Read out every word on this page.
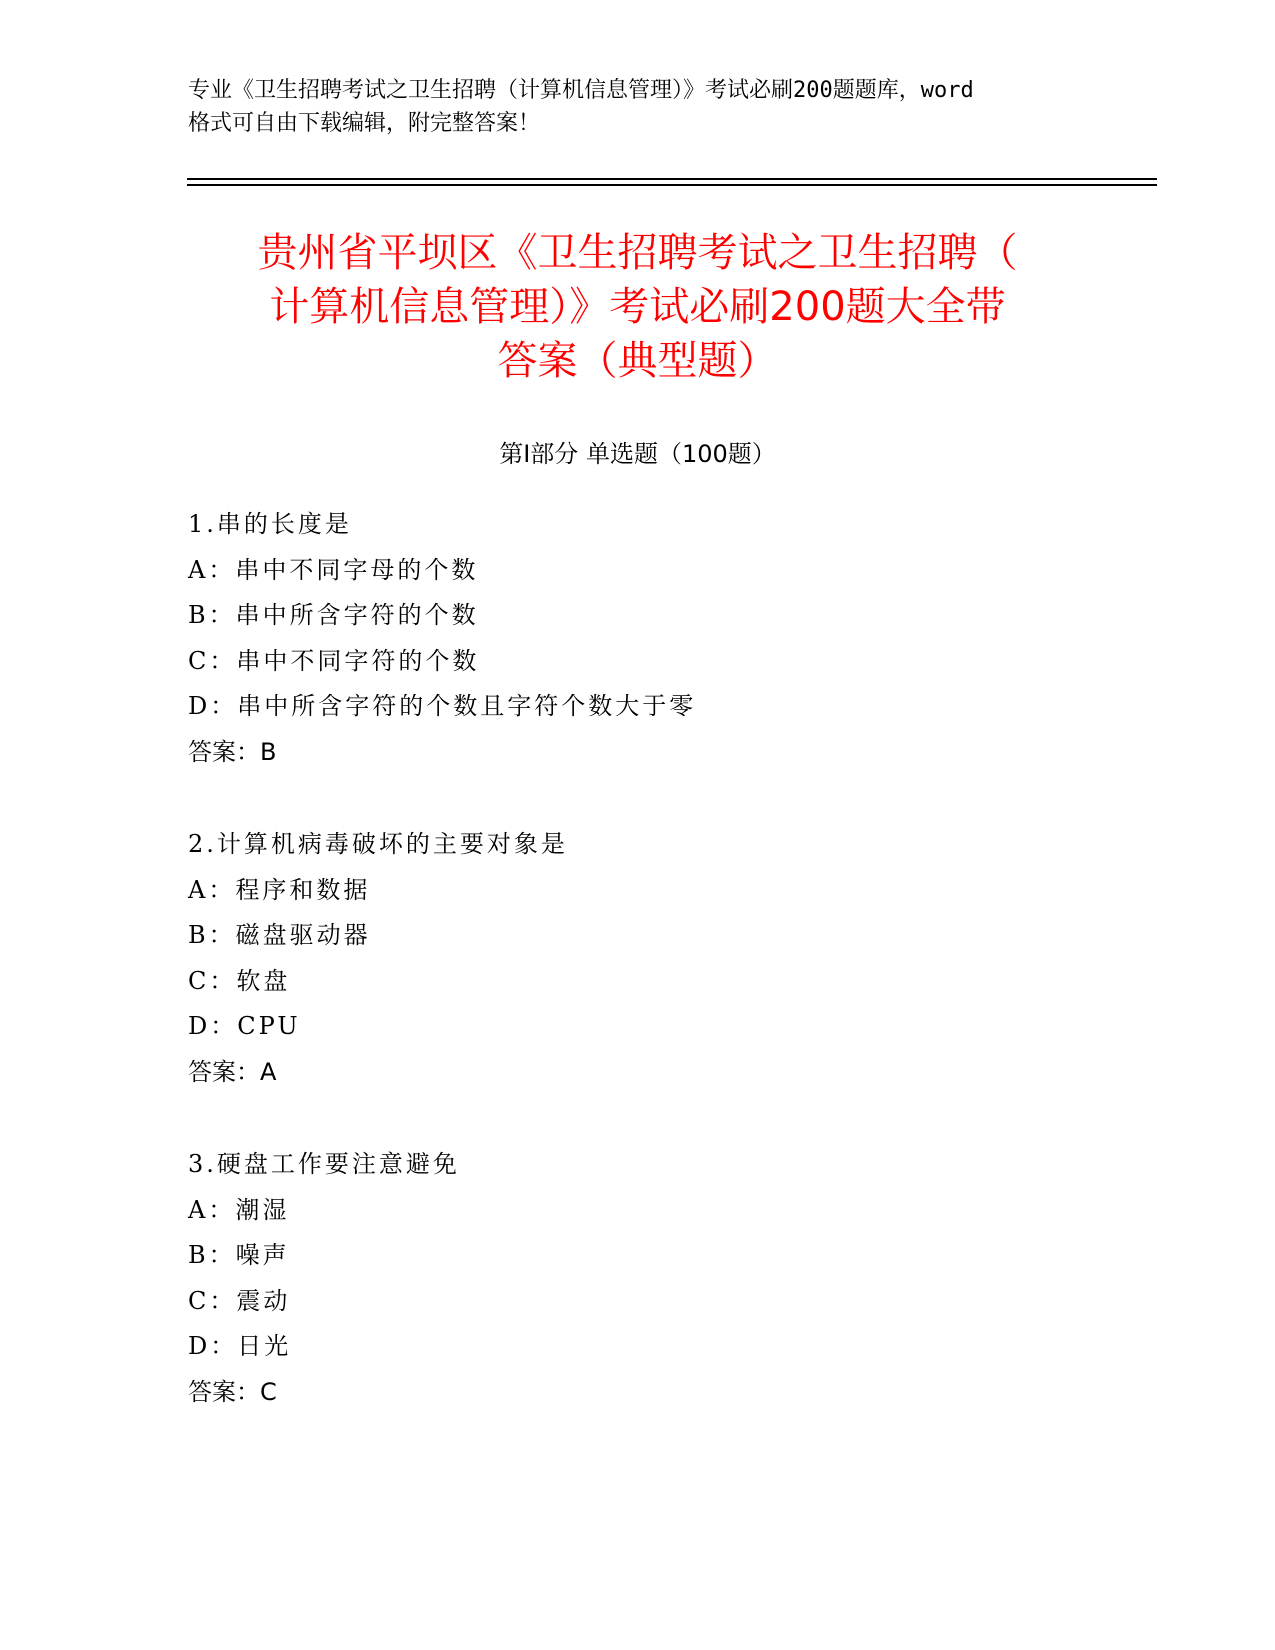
专业《卫生招聘考试之卫生招聘（计算机信息管理）》考试必刷200题题库，word
格式可自由下载编辑，附完整答案！
贵州省平坝区《卫生招聘考试之卫生招聘（
计算机信息管理）》考试必刷200题大全带
答案（典型题）
第Ⅰ部分 单选题（100题）
1.串的长度是
A：串中不同字母的个数
B：串中所含字符的个数
C：串中不同字符的个数
D：串中所含字符的个数且字符个数大于零
答案：B
2.计算机病毒破坏的主要对象是
A：程序和数据
B：磁盘驱动器
C：软盘
D：CPU
答案：A
3.硬盘工作要注意避免
A：潮湿
B：噪声
C：震动
D：日光
答案：C
